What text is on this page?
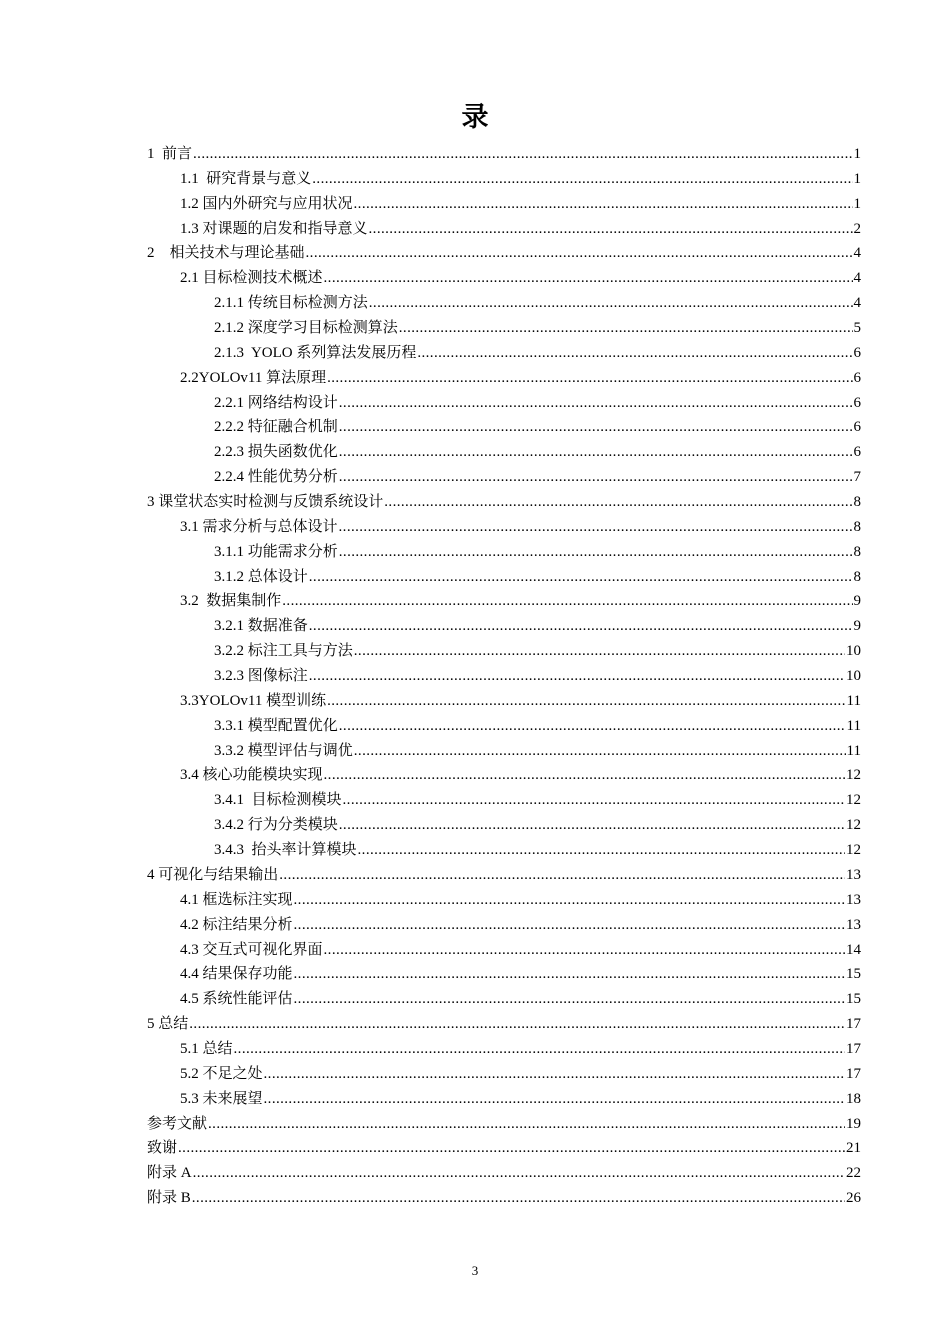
录
1  前言 .....	1
1.1  研究背景与意义 .....	1
1.2 国内外研究与应用状况 .....	1
1.3 对课题的启发和指导意义 .....	2
2    相关技术与理论基础 .....	4
2.1 目标检测技术概述 .....	4
2.1.1 传统目标检测方法 .....	4
2.1.2 深度学习目标检测算法 .....	5
2.1.3  YOLO 系列算法发展历程 .....	6
2.2YOLOv11 算法原理 .....	6
2.2.1 网络结构设计 .....	6
2.2.2 特征融合机制 .....	6
2.2.3 损失函数优化 .....	6
2.2.4 性能优势分析 .....	7
3 课堂状态实时检测与反馈系统设计 .....	8
3.1 需求分析与总体设计 .....	8
3.1.1 功能需求分析 .....	8
3.1.2 总体设计 .....	8
3.2  数据集制作 .....	9
3.2.1 数据准备 .....	9
3.2.2 标注工具与方法 .....	10
3.2.3 图像标注 .....	10
3.3YOLOv11 模型训练 .....	11
3.3.1 模型配置优化 .....	11
3.3.2 模型评估与调优 .....	11
3.4 核心功能模块实现 .....	12
3.4.1  目标检测模块 .....	12
3.4.2 行为分类模块 .....	12
3.4.3  抬头率计算模块 .....	12
4 可视化与结果输出 .....	13
4.1 框选标注实现 .....	13
4.2 标注结果分析 .....	13
4.3 交互式可视化界面 .....	14
4.4 结果保存功能 .....	15
4.5 系统性能评估 .....	15
5 总结 .....	17
5.1 总结 .....	17
5.2 不足之处 .....	17
5.3 未来展望 .....	18
参考文献 .....	19
致谢 .....	21
附录 A .....	22
附录 B .....	26
3
